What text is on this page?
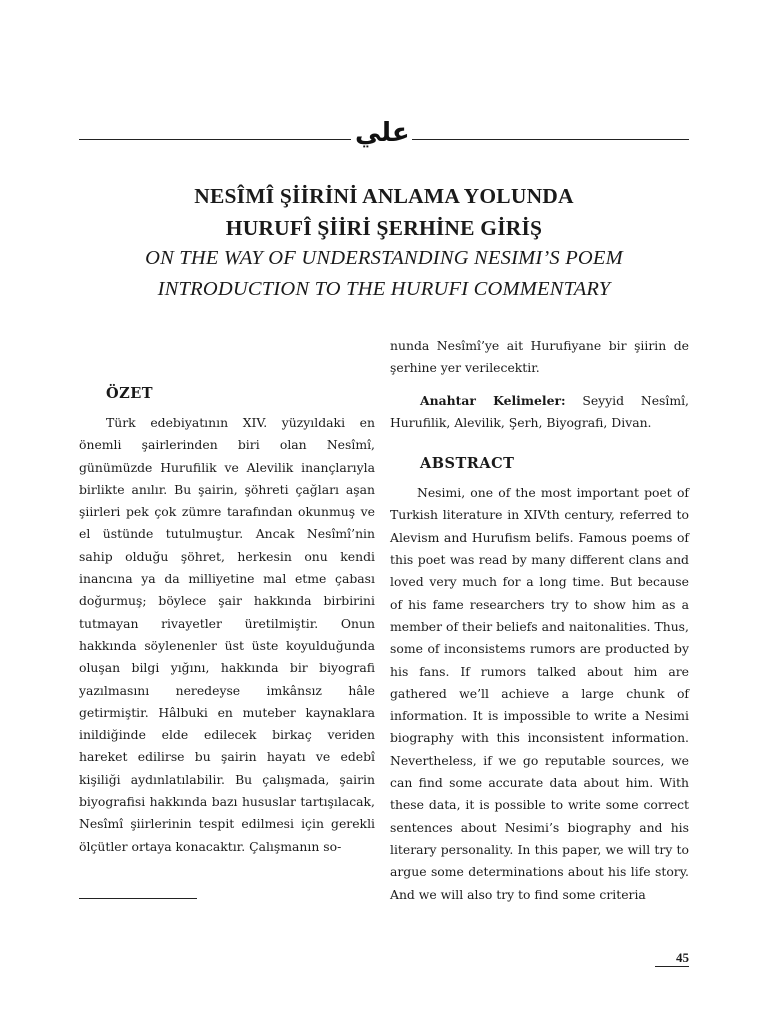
علي
NESÎMÎ ŞİİRİNİ ANLAMA YOLUNDA
HURUFÎ ŞİİRİ ŞERHİNE GİRİŞ
ON THE WAY OF UNDERSTANDING NESIMI’S POEM
INTRODUCTION TO THE HURUFI COMMENTARY
ÖZET

Türk edebiyatının XIV. yüzyıldaki en önemli şairlerinden biri olan Nesîmî, günümüzde Hurufilik ve Alevilik inançlarıyla birlikte anılır. Bu şairin, şöhreti çağları aşan şiirleri pek çok zümre tarafından okunmuş ve el üstünde tutulmuştur. Ancak Nesîmî’nin sahip olduğu şöhret, herkesin onu kendi inancına ya da milliyetine mal etme çabası doğurmuş; böylece şair hakkında birbirini tutmayan rivayetler üretilmiştir. Onun hakkında söylenenler üst üste koyulduğunda oluşan bilgi yığını, hakkında bir biyografi yazılmasını neredeyse imkânsız hâle getirmiştir. Hâlbuki en muteber kaynaklara inildiğinde elde edilecek birkaç veriden hareket edilirse bu şairin hayatı ve edebî kişiliği aydınlatılabilir. Bu çalışmada, şairin biyografisi hakkında bazı hususlar tartışılacak, Nesîmî şiirlerinin tespit edilmesi için gerekli ölçütler ortaya konacaktır. Çalışmanın so-

nunda Nesîmî’ye ait Hurufiyane bir şiirin de şerhine yer verilecektir.

Anahtar Kelimeler: Seyyid Nesîmî, Hurufilik, Alevilik, Şerh, Biyografi, Divan.

ABSTRACT

Nesimi, one of the most important poet of Turkish literature in XIVth century, referred to Alevism and Hurufism belifs. Famous poems of this poet was read by many different clans and loved very much for a long time. But because of his fame researchers try to show him as a member of their beliefs and naitonalities. Thus, some of inconsistems rumors are producted by his fans. If rumors talked about him are gathered we’ll achieve a large chunk of information. It is impossible to write a Nesimi biography with this inconsistent information. Nevertheless, if we go reputable sources, we can find some accurate data about him. With these data, it is possible to write some correct sentences about Nesimi’s biography and his literary personality. In this paper, we will try to argue some determinations about his life story. And we will also try to find some criteria

45
